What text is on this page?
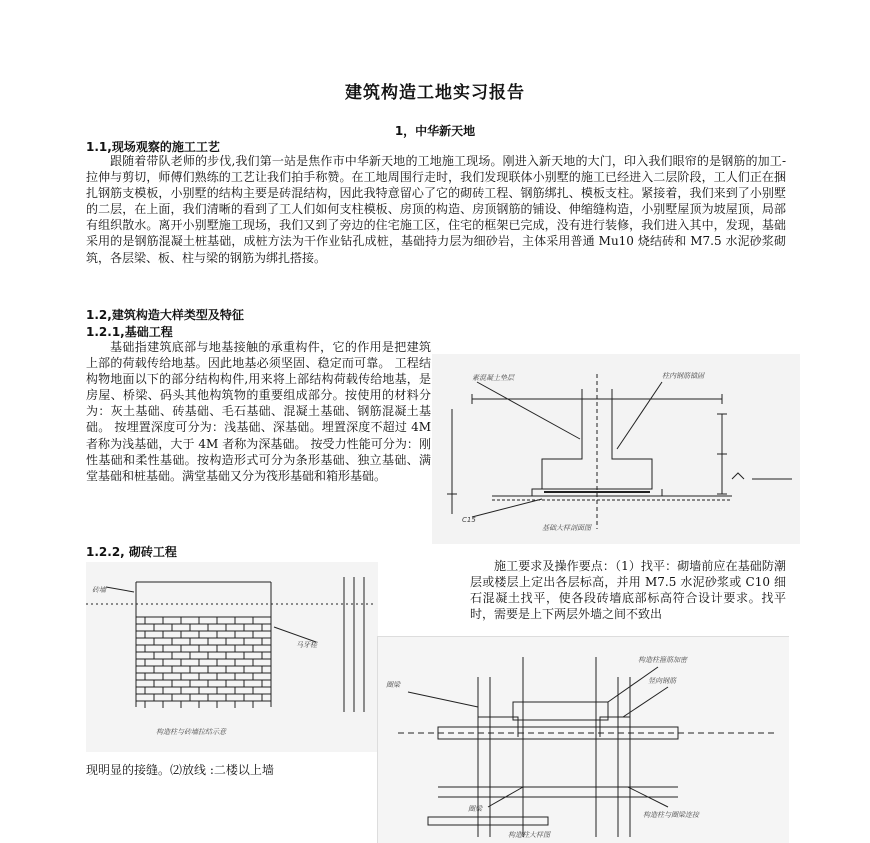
建筑构造工地实习报告
1，中华新天地
1.1,现场观察的施工工艺

跟随着带队老师的步伐,我们第一站是焦作市中华新天地的工地施工现场。刚进入新天地的大门，印入我们眼帘的是钢筋的加工-拉伸与剪切，师傅们熟练的工艺让我们拍手称赞。在工地周围行走时，我们发现联体小别墅的施工已经进入二层阶段，工人们正在捆扎钢筋支模板，小别墅的结构主要是砖混结构，因此我特意留心了它的砌砖工程、钢筋绑扎、模板支柱。紧接着，我们来到了小别墅的二层，在上面，我们清晰的看到了工人们如何支柱模板、房顶的构造、房顶钢筋的铺设、伸缩缝构造，小别墅屋顶为坡屋顶，局部有组织散水。离开小别墅施工现场，我们又到了旁边的住宅施工区，住宅的框架已完成，没有进行装修，我们进入其中，发现，基础采用的是钢筋混凝土桩基础，成桩方法为干作业钻孔成桩，基础持力层为细砂岩，主体采用普通 Mu10 烧结砖和 M7.5 水泥砂浆砌筑，各层梁、板、柱与梁的钢筋为绑扎搭接。

1.2,建筑构造大样类型及特征
1.2.1,基础工程

基础指建筑底部与地基接触的承重构件，它的作用是把建筑上部的荷载传给地基。因此地基必须坚固、稳定而可靠。 工程结构物地面以下的部分结构构件,用来将上部结构荷载传给地基，是房屋、桥梁、码头其他构筑物的重要组成部分。按使用的材料分为：灰土基础、砖基础、毛石基础、混凝土基础、钢筋混凝土基础。 按埋置深度可分为：浅基础、深基础。埋置深度不超过 4M 者称为浅基础，大于 4M 者称为深基础。 按受力性能可分为：刚性基础和柔性基础。按构造形式可分为条形基础、独立基础、满堂基础和桩基础。满堂基础又分为筏形基础和箱形基础。

1.2.2, 砌砖工程

施工要求及操作要点：（1）找平：砌墙前应在基础防潮层或楼层上定出各层标高，并用 M7.5 水泥砂浆或 C10 细石混凝土找平，使各段砖墙底部标高符合设计要求。找平时，需要是上下两层外墙之间不致出

现明显的接缝。⑵放线 :二楼以上墙

素混凝土垫层	柱内钢筋锚固
C15
基础大样剖面图
砖墙
马牙槎
构造柱与砖墙拉结示意
构造柱箍筋加密
竖向钢筋
圈梁
圈梁
构造柱与圈梁连接
构造柱大样图
